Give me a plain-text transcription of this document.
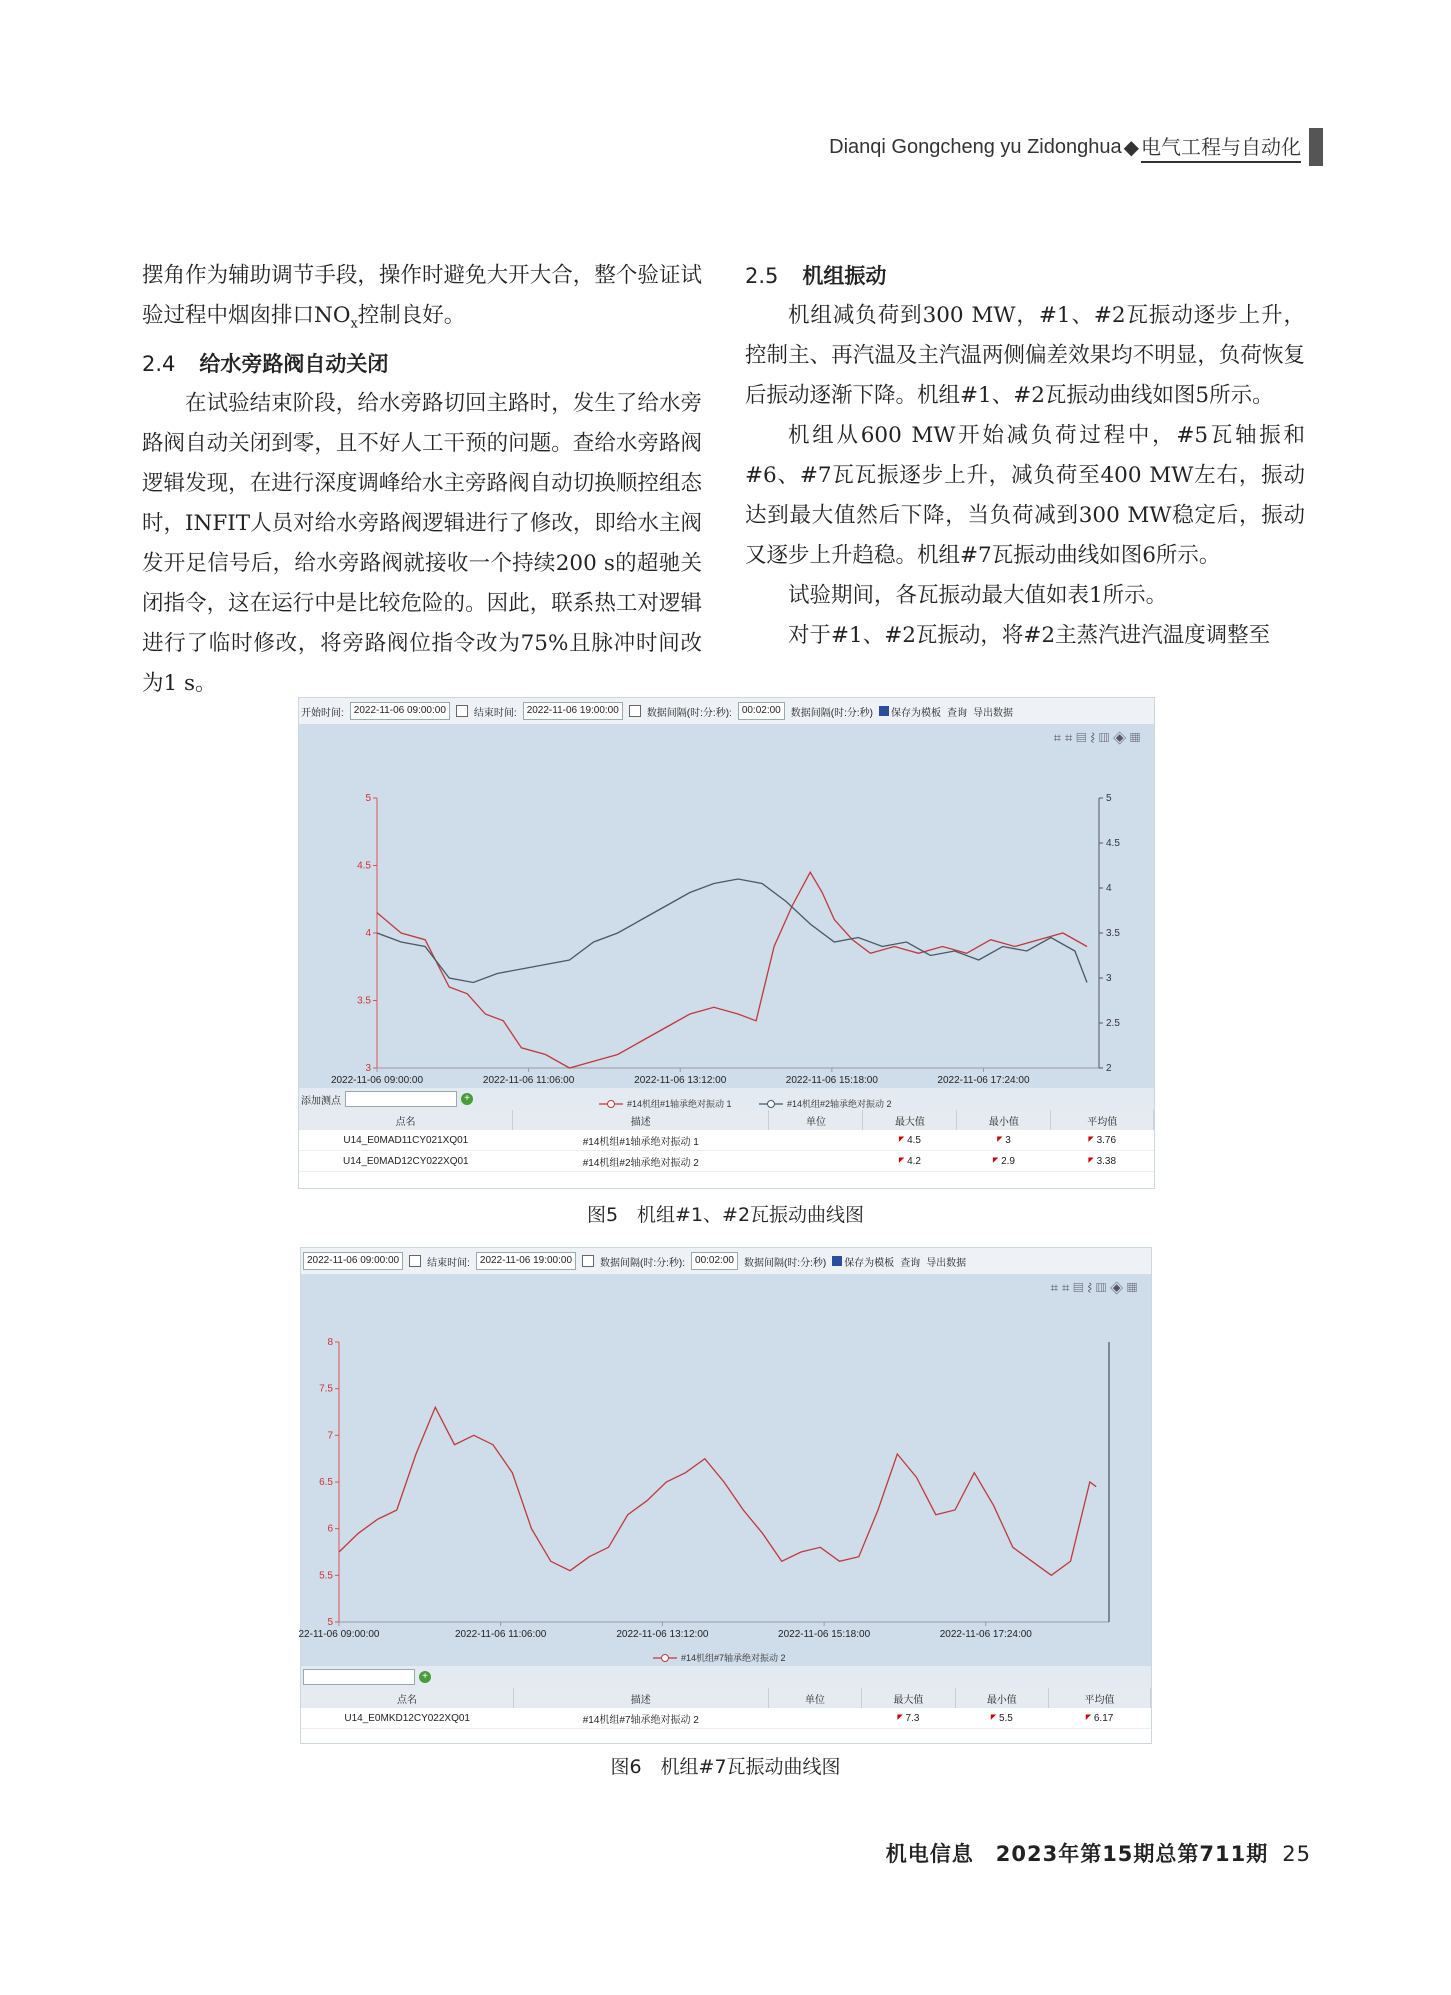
Dianqi Gongcheng yu Zidonghua ◆ 电气工程与自动化

摆角作为辅助调节手段，操作时避免大开大合，整个验证试验过程中烟囱排口$NO_x$控制良好。

2.4 给水旁路阀自动关闭

在试验结束阶段，给水旁路切回主路时，发生了给水旁路阀自动关闭到零，且不好人工干预的问题。查给水旁路阀逻辑发现，在进行深度调峰给水主旁路阀自动切换顺控组态时，INFIT人员对给水旁路阀逻辑进行了修改，即给水主阀发开足信号后，给水旁路阀就接收一个持续200 s的超驰关闭指令，这在运行中是比较危险的。因此，联系热工对逻辑进行了临时修改，将旁路阀位指令改为75%且脉冲时间改为1 s。

2.5 机组振动

机组减负荷到300 MW，#1、#2瓦振动逐步上升，控制主、再汽温及主汽温两侧偏差效果均不明显，负荷恢复后振动逐渐下降。机组#1、#2瓦振动曲线如图5所示。

机组从600 MW开始减负荷过程中，#5瓦轴振和#6、#7瓦瓦振逐步上升，减负荷至400 MW左右，振动达到最大值然后下降，当负荷减到300 MW稳定后，振动又逐步上升趋稳。机组#7瓦振动曲线如图6所示。

试验期间，各瓦振动最大值如表1所示。

对于#1、#2瓦振动，将#2主蒸汽进汽温度调整至

开始时间:	2022-11-06 09:00:00	结束时间:	2022-11-06 19:00:00	数据间隔(时:分:秒):	00:02:00	数据间隔(时:分:秒)	保存为模板 查询 导出数据
⌗⌗▤⌇▥◈▦
3
3.5
4
4.5
5
2
2.5
3
3.5
4
4.5
5
2022-11-06 09:00:00	2022-11-06 11:06:00	2022-11-06 13:12:00	2022-11-06 15:18:00	2022-11-06 17:24:00
#14机组#1轴承绝对振动 1	#14机组#2轴承绝对振动 2
添加测点	+
点名	描述	单位	最大值	最小值	平均值
U14_E0MAD11CY021XQ01	#14机组#1轴承绝对振动 1		◤ 4.5	◤ 3	◤ 3.76
U14_E0MAD12CY022XQ01	#14机组#2轴承绝对振动 2		◤ 4.2	◤ 2.9	◤ 3.38
图5　机组#1、#2瓦振动曲线图
2022-11-06 09:00:00	结束时间:	2022-11-06 19:00:00	数据间隔(时:分:秒):	00:02:00	数据间隔(时:分:秒)	保存为模板 查询 导出数据
⌗⌗▤⌇▥◈▦
5
5.5
6
6.5
7
7.5
8
22-11-06 09:00:00	2022-11-06 11:06:00	2022-11-06 13:12:00	2022-11-06 15:18:00	2022-11-06 17:24:00
#14机组#7轴承绝对振动 2
+
点名	描述	单位	最大值	最小值	平均值
U14_E0MKD12CY022XQ01	#14机组#7轴承绝对振动 2		◤ 7.3	◤ 5.5	◤ 6.17
图6　机组#7瓦振动曲线图
机电信息　2023年第15期总第711期 25
